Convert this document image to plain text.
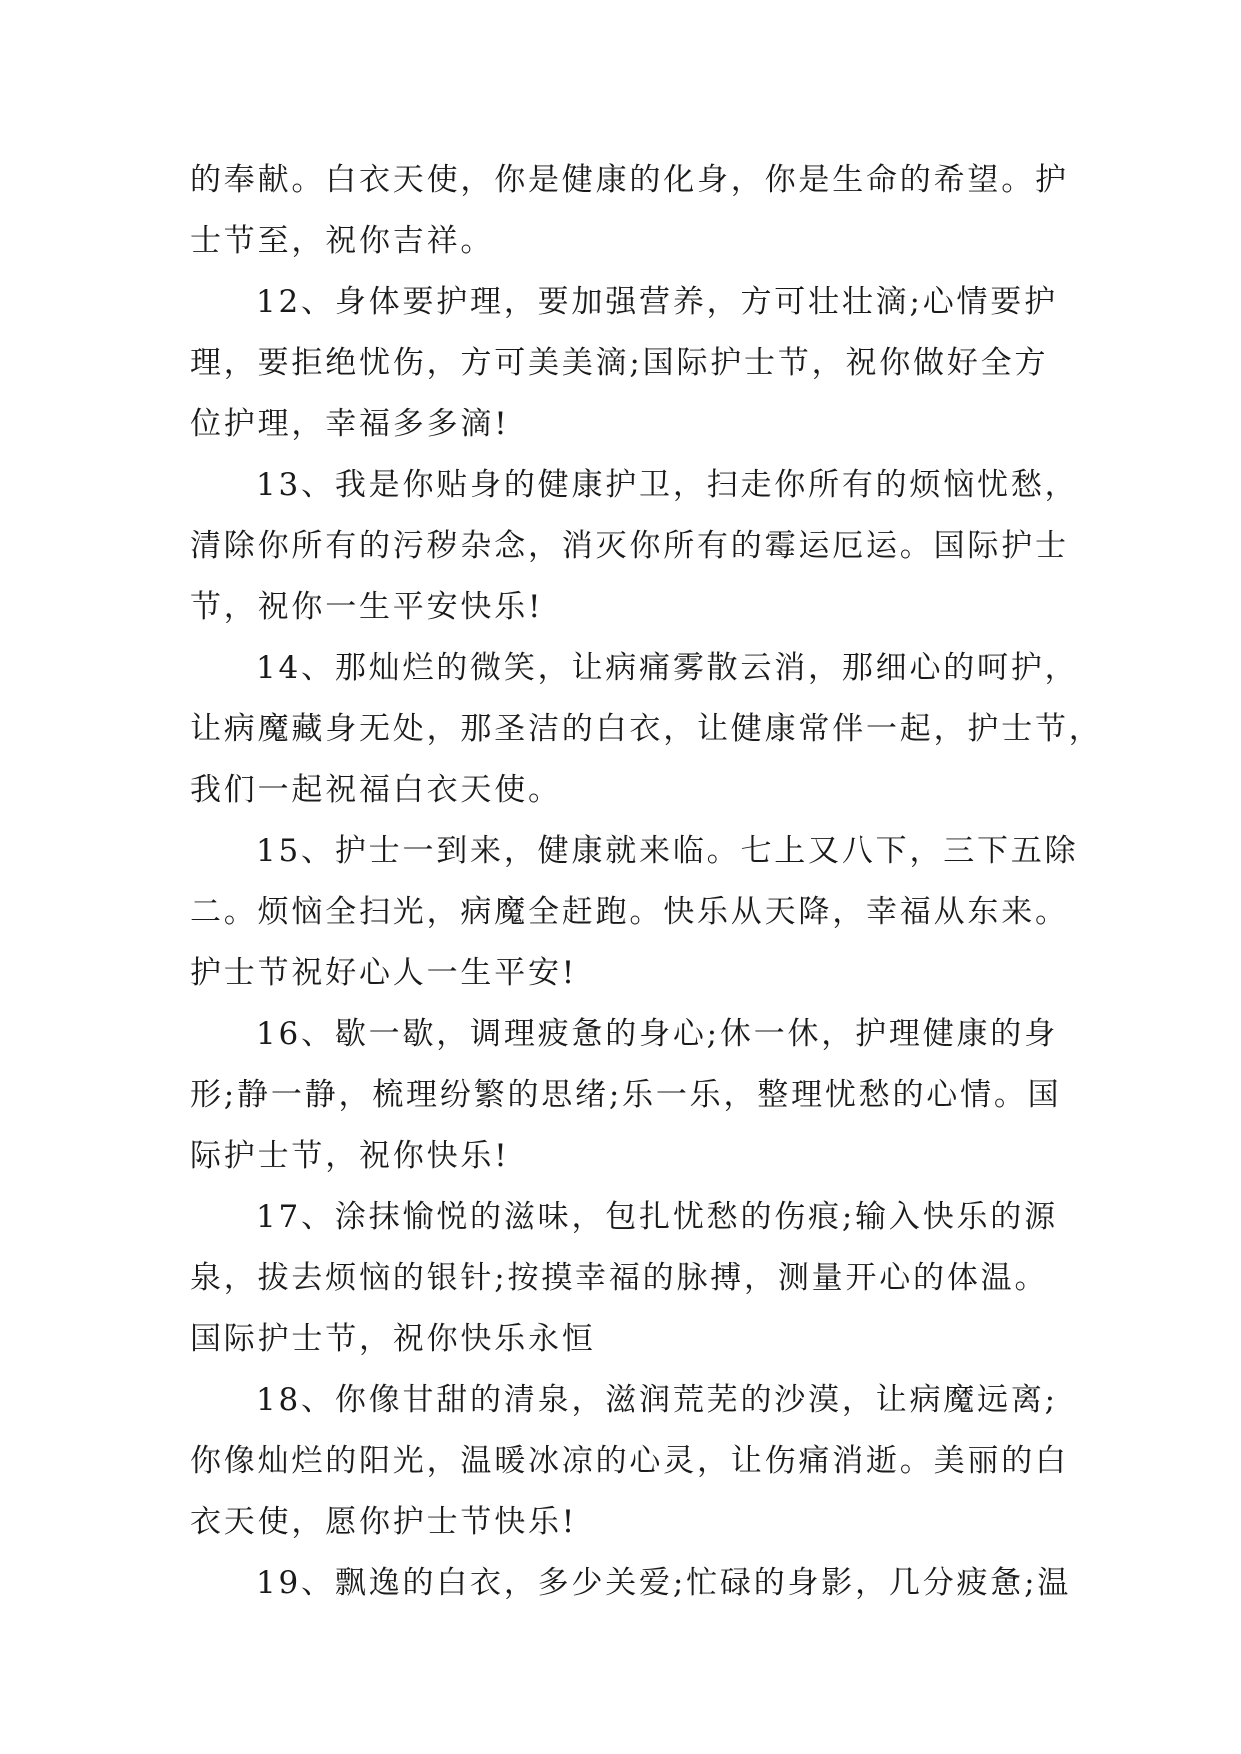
的奉献。白衣天使，你是健康的化身，你是生命的希望。护
士节至，祝你吉祥。
12、身体要护理，要加强营养，方可壮壮滴;心情要护
理，要拒绝忧伤，方可美美滴;国际护士节，祝你做好全方
位护理，幸福多多滴!
13、我是你贴身的健康护卫，扫走你所有的烦恼忧愁，
清除你所有的污秽杂念，消灭你所有的霉运厄运。国际护士
节，祝你一生平安快乐!
14、那灿烂的微笑，让病痛雾散云消，那细心的呵护，
让病魔藏身无处，那圣洁的白衣，让健康常伴一起，护士节，
我们一起祝福白衣天使。
15、护士一到来，健康就来临。七上又八下，三下五除
二。烦恼全扫光，病魔全赶跑。快乐从天降，幸福从东来。
护士节祝好心人一生平安!
16、歇一歇，调理疲惫的身心;休一休，护理健康的身
形;静一静，梳理纷繁的思绪;乐一乐，整理忧愁的心情。国
际护士节，祝你快乐!
17、涂抹愉悦的滋味，包扎忧愁的伤痕;输入快乐的源
泉，拔去烦恼的银针;按摸幸福的脉搏，测量开心的体温。
国际护士节，祝你快乐永恒
18、你像甘甜的清泉，滋润荒芜的沙漠，让病魔远离;
你像灿烂的阳光，温暖冰凉的心灵，让伤痛消逝。美丽的白
衣天使，愿你护士节快乐!
19、飘逸的白衣，多少关爱;忙碌的身影，几分疲惫;温
